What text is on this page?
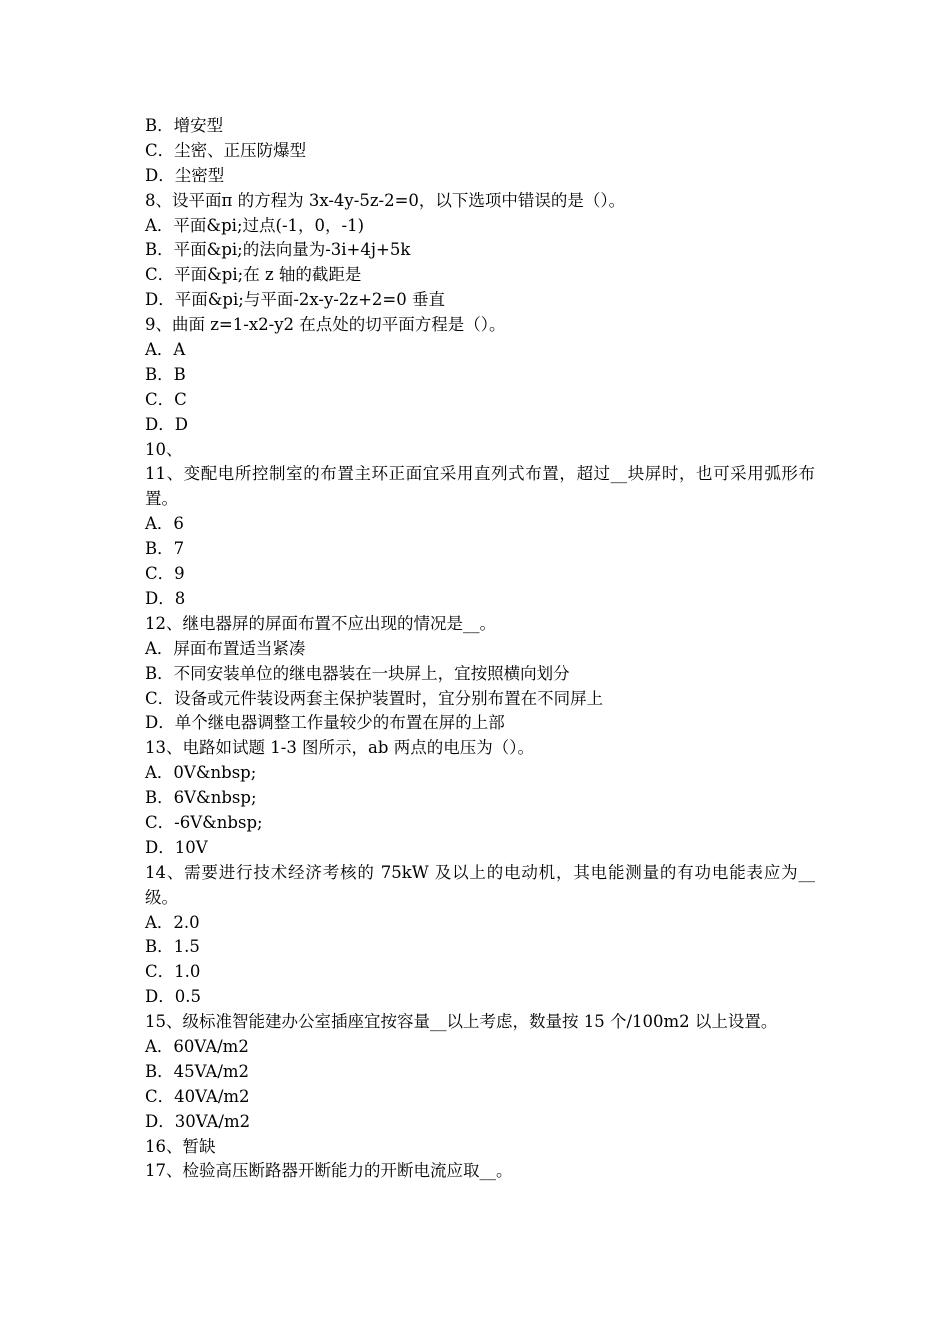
B．增安型

C．尘密、正压防爆型

D．尘密型

8、设平面π 的方程为 3x-4y-5z-2=0，以下选项中错误的是（）。

A．平面&pi;过点(-1，0，-1)

B．平面&pi;的法向量为-3i+4j+5k

C．平面&pi;在 z 轴的截距是

D．平面&pi;与平面-2x-y-2z+2=0 垂直

9、曲面 z=1-x2-y2 在点处的切平面方程是（）。

A．A

B．B

C．C

D．D

10、

11、变配电所控制室的布置主环正面宜采用直列式布置，超过__块屏时，也可采用弧形布置。

A．6

B．7

C．9

D．8

12、继电器屏的屏面布置不应出现的情况是__。

A．屏面布置适当紧凑

B．不同安装单位的继电器装在一块屏上，宜按照横向划分

C．设备或元件装设两套主保护装置时，宜分别布置在不同屏上

D．单个继电器调整工作量较少的布置在屏的上部

13、电路如试题 1-3 图所示，ab 两点的电压为（）。

A．0V&nbsp;

B．6V&nbsp;

C．-6V&nbsp;

D．10V

14、需要进行技术经济考核的 75kW 及以上的电动机，其电能测量的有功电能表应为__级。

A．2.0

B．1.5

C．1.0

D．0.5

15、级标准智能建办公室插座宜按容量__以上考虑，数量按 15 个/100m2 以上设置。

A．60VA/m2

B．45VA/m2

C．40VA/m2

D．30VA/m2

16、暂缺

17、检验高压断路器开断能力的开断电流应取__。
